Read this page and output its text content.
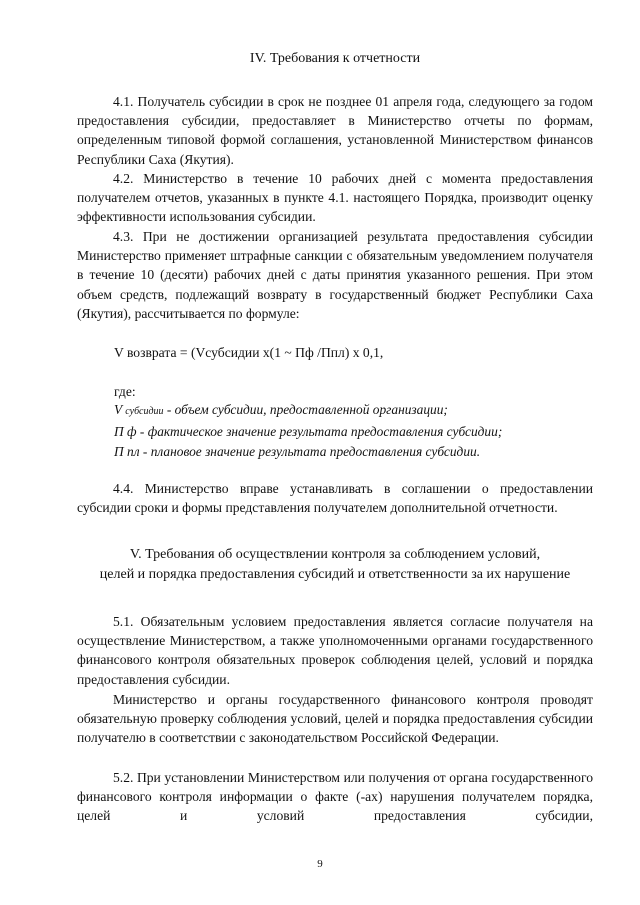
IV. Требования к отчетности

4.1. Получатель субсидии в срок не позднее 01 апреля года, следующего за годом предоставления субсидии, предоставляет в Министерство отчеты по формам, определенным типовой формой соглашения, установленной Министерством финансов Республики Саха (Якутия).

4.2. Министерство в течение 10 рабочих дней с момента предоставления получателем отчетов, указанных в пункте 4.1. настоящего Порядка, производит оценку эффективности использования субсидии.

4.3. При не достижении организацией результата предоставления субсидии Министерство применяет штрафные санкции с обязательным уведомлением получателя в течение 10 (десяти) рабочих дней с даты принятия указанного решения. При этом объем средств, подлежащий возврату в государственный бюджет Республики Саха (Якутия), рассчитывается по формуле:

V возврата = (Vсубсидии х(1 ~ Пф /Ппл) х 0,1,
где:
V субсидии - объем субсидии, предоставленной организации;
П ф - фактическое значение результата предоставления субсидии;
П пл - плановое значение результата предоставления субсидии.

4.4. Министерство вправе устанавливать в соглашении о предоставлении субсидии сроки и формы представления получателем дополнительной отчетности.

V. Требования об осуществлении контроля за соблюдением условий,
целей и порядка предоставления субсидий и ответственности за их нарушение

5.1. Обязательным условием предоставления является согласие получателя на осуществление Министерством, а также уполномоченными органами государственного финансового контроля обязательных проверок соблюдения целей, условий и порядка предоставления субсидии.

Министерство и органы государственного финансового контроля проводят обязательную проверку соблюдения условий, целей и порядка предоставления субсидии получателю в соответствии с законодательством Российской Федерации.

5.2. При установлении Министерством или получения от органа государственного финансового контроля информации о факте (-ах) нарушения получателем порядка, целей и условий предоставления субсидии,

9
